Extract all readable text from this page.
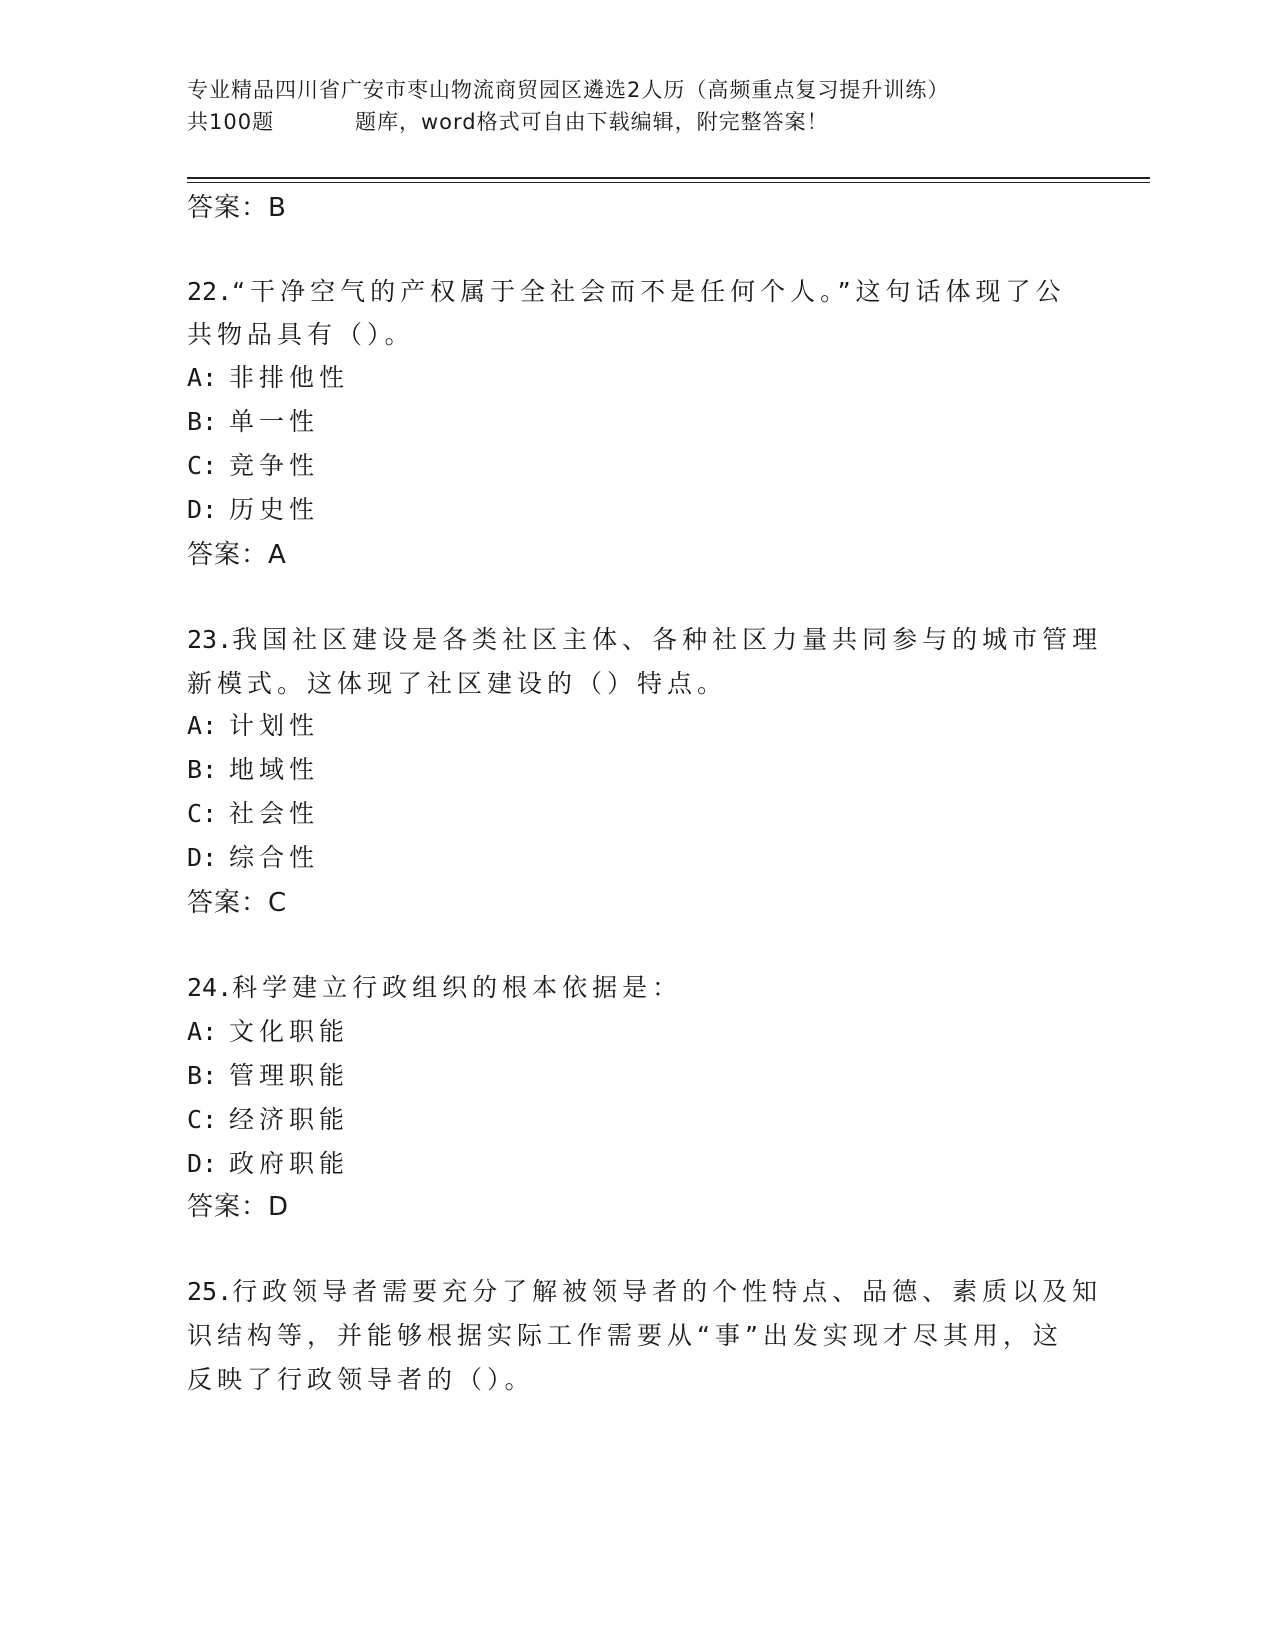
专业精品四川省广安市枣山物流商贸园区遴选2人历（高频重点复习提升训练）
共100题	题库，word格式可自由下载编辑，附完整答案！
答案：B
22.“干净空气的产权属于全社会而不是任何个人。”这句话体现了公
共物品具有（）。
A: 非排他性
B: 单一性
C: 竞争性
D: 历史性
答案：A
23.我国社区建设是各类社区主体、各种社区力量共同参与的城市管理
新模式。这体现了社区建设的（）特点。
A: 计划性
B: 地域性
C: 社会性
D: 综合性
答案：C
24.科学建立行政组织的根本依据是：
A: 文化职能
B: 管理职能
C: 经济职能
D: 政府职能
答案：D
25.行政领导者需要充分了解被领导者的个性特点、品德、素质以及知
识结构等，并能够根据实际工作需要从“事”出发实现才尽其用，这
反映了行政领导者的（）。
